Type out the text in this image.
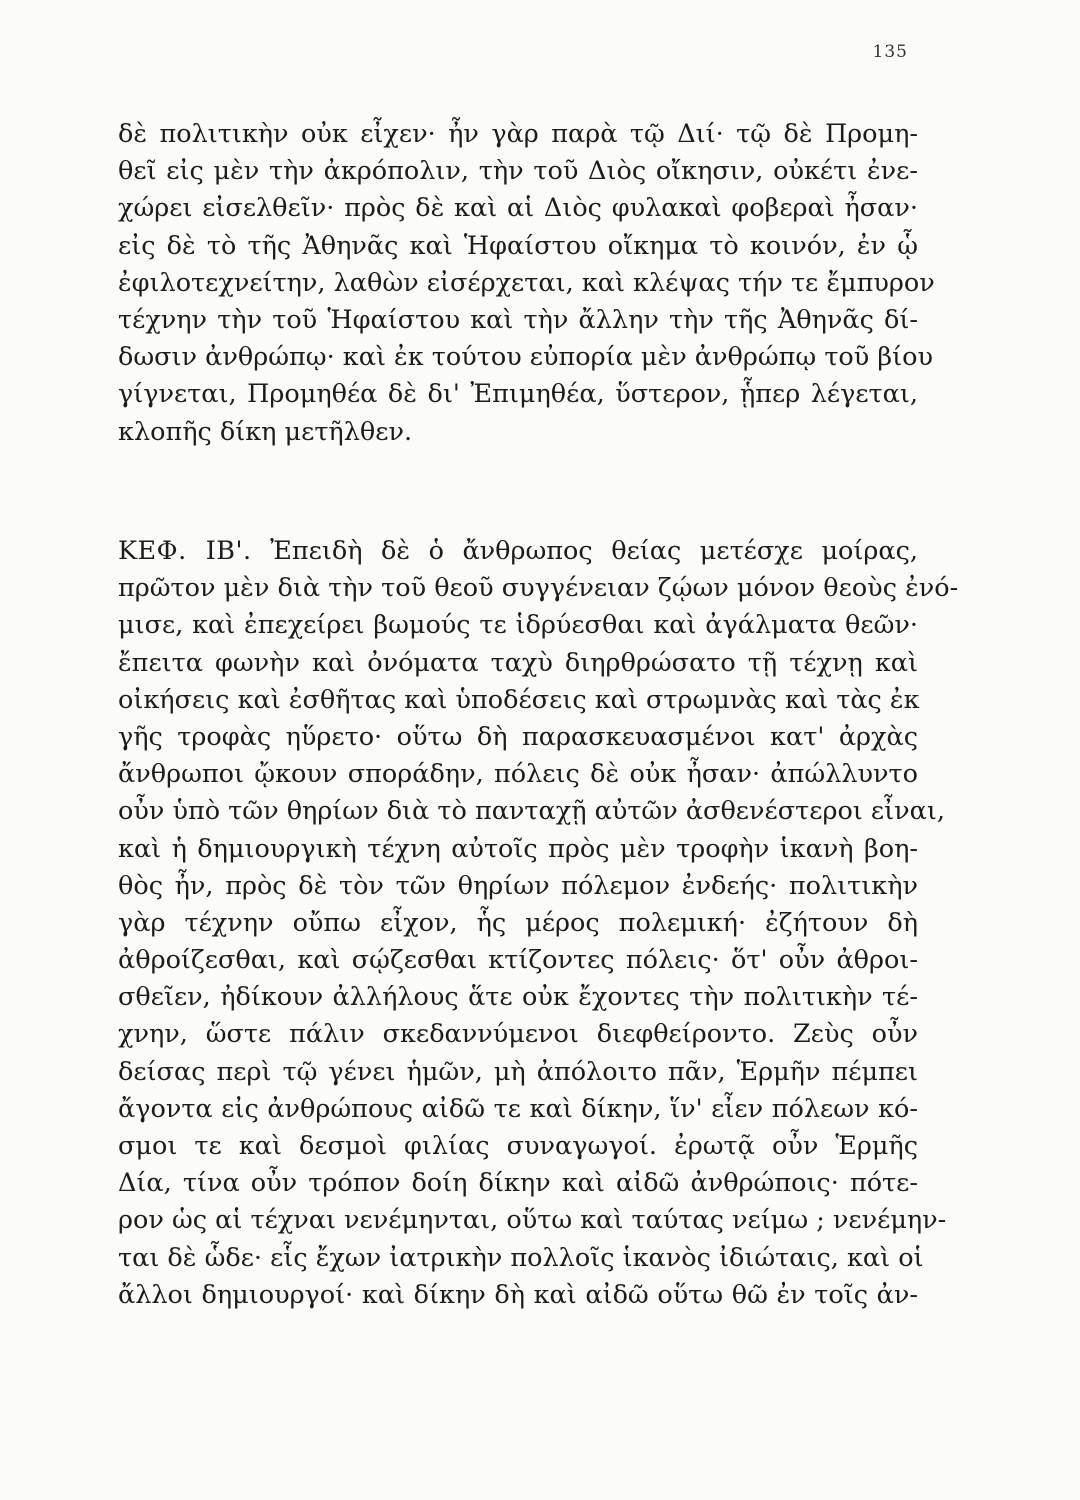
135
δὲ πολιτικὴν οὐκ εἶχεν· ἦν γὰρ παρὰ τῷ Διί· τῷ δὲ Προμη-
θεῖ εἰς μὲν τὴν ἀκρόπολιν, τὴν τοῦ Διὸς οἴκησιν, οὐκέτι ἐνε-
χώρει εἰσελθεῖν· πρὸς δὲ καὶ αἱ Διὸς φυλακαὶ φοβεραὶ ἦσαν·
εἰς δὲ τὸ τῆς Ἀθηνᾶς καὶ Ἡφαίστου οἴκημα τὸ κοινόν, ἐν ᾧ
ἐφιλοτεχνείτην, λαθὼν εἰσέρχεται, καὶ κλέψας τήν τε ἔμπυρον
τέχνην τὴν τοῦ Ἡφαίστου καὶ τὴν ἄλλην τὴν τῆς Ἀθηνᾶς δί-
δωσιν ἀνθρώπῳ· καὶ ἐκ τούτου εὐπορία μὲν ἀνθρώπῳ τοῦ βίου
γίγνεται, Προμηθέα δὲ δι' Ἐπιμηθέα, ὕστερον, ᾗπερ λέγεται,
κλοπῆς δίκη μετῆλθεν.
ΚΕΦ. ΙΒ'. Ἐπειδὴ δὲ ὁ ἄνθρωπος θείας μετέσχε μοίρας,
πρῶτον μὲν διὰ τὴν τοῦ θεοῦ συγγένειαν ζῴων μόνον θεοὺς ἐνό-
μισε, καὶ ἐπεχείρει βωμούς τε ἱδρύεσθαι καὶ ἀγάλματα θεῶν·
ἔπειτα φωνὴν καὶ ὀνόματα ταχὺ διηρθρώσατο τῇ τέχνῃ καὶ
οἰκήσεις καὶ ἐσθῆτας καὶ ὑποδέσεις καὶ στρωμνὰς καὶ τὰς ἐκ
γῆς τροφὰς ηὕρετο· οὕτω δὴ παρασκευασμένοι κατ' ἀρχὰς
ἄνθρωποι ᾤκουν σποράδην, πόλεις δὲ οὐκ ἦσαν· ἀπώλλυντο
οὖν ὑπὸ τῶν θηρίων διὰ τὸ πανταχῇ αὐτῶν ἀσθενέστεροι εἶναι,
καὶ ἡ δημιουργικὴ τέχνη αὐτοῖς πρὸς μὲν τροφὴν ἱκανὴ βοη-
θὸς ἦν, πρὸς δὲ τὸν τῶν θηρίων πόλεμον ἐνδεής· πολιτικὴν
γὰρ τέχνην οὔπω εἶχον, ἧς μέρος πολεμική· ἐζήτουν δὴ
ἀθροίζεσθαι, καὶ σῴζεσθαι κτίζοντες πόλεις· ὅτ' οὖν ἀθροι-
σθεῖεν, ἠδίκουν ἀλλήλους ἅτε οὐκ ἔχοντες τὴν πολιτικὴν τέ-
χνην, ὥστε πάλιν σκεδαννύμενοι διεφθείροντο. Ζεὺς οὖν
δείσας περὶ τῷ γένει ἡμῶν, μὴ ἀπόλοιτο πᾶν, Ἑρμῆν πέμπει
ἄγοντα εἰς ἀνθρώπους αἰδῶ τε καὶ δίκην, ἵν' εἶεν πόλεων κό-
σμοι τε καὶ δεσμοὶ φιλίας συναγωγοί. ἐρωτᾷ οὖν Ἑρμῆς
Δία, τίνα οὖν τρόπον δοίη δίκην καὶ αἰδῶ ἀνθρώποις· πότε-
ρον ὡς αἱ τέχναι νενέμηνται, οὕτω καὶ ταύτας νείμω ; νενέμην-
ται δὲ ὧδε· εἷς ἔχων ἰατρικὴν πολλοῖς ἱκανὸς ἰδιώταις, καὶ οἱ
ἄλλοι δημιουργοί· καὶ δίκην δὴ καὶ αἰδῶ οὕτω θῶ ἐν τοῖς ἀν-
